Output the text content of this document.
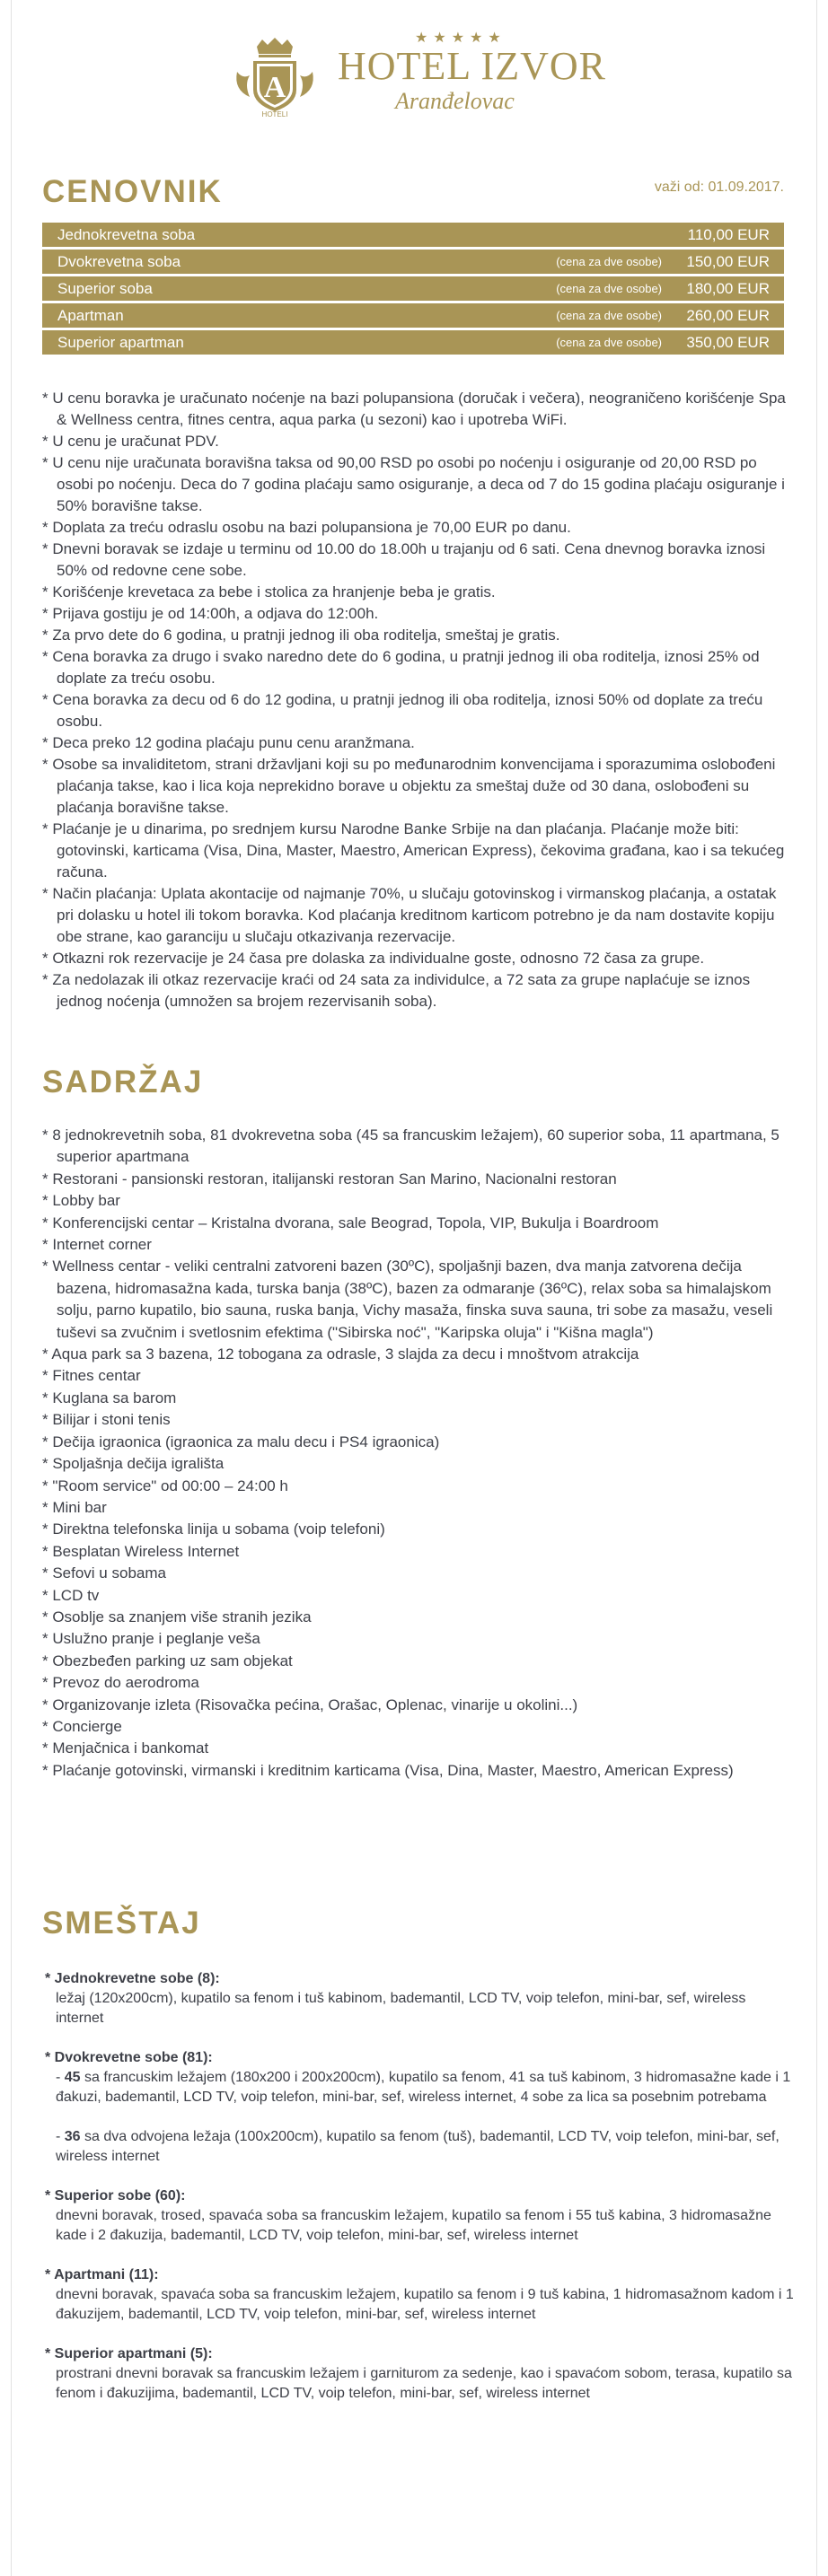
A
HOTELI
★★★★★
HOTEL IZVOR
Aranđelovac
CENOVNIK	važi od: 01.09.2017.
Jednokrevetna soba	110,00 EUR
Dvokrevetna soba	(cena za dve osobe) 150,00 EUR
Superior soba	(cena za dve osobe) 180,00 EUR
Apartman	(cena za dve osobe) 260,00 EUR
Superior apartman	(cena za dve osobe) 350,00 EUR

* U cenu boravka je uračunato noćenje na bazi polupansiona (doručak i večera), neograničeno korišćenje Spa & Wellness centra, fitnes centra, aqua parka (u sezoni) kao i upotreba WiFi.

* U cenu je uračunat PDV.

* U cenu nije uračunata boravišna taksa od 90,00 RSD po osobi po noćenju i osiguranje od 20,00 RSD po osobi po noćenju. Deca do 7 godina plaćaju samo osiguranje, a deca od 7 do 15 godina plaćaju osiguranje i 50% boravišne takse.

* Doplata za treću odraslu osobu na bazi polupansiona je 70,00 EUR po danu.

* Dnevni boravak se izdaje u terminu od 10.00 do 18.00h u trajanju od 6 sati. Cena dnevnog boravka iznosi 50% od redovne cene sobe.

* Korišćenje krevetaca za bebe i stolica za hranjenje beba je gratis.

* Prijava gostiju je od 14:00h, a odjava do 12:00h.

* Za prvo dete do 6 godina, u pratnji jednog ili oba roditelja, smeštaj je gratis.

* Cena boravka za drugo i svako naredno dete do 6 godina, u pratnji jednog ili oba roditelja, iznosi 25% od doplate za treću osobu.

* Cena boravka za decu od 6 do 12 godina, u pratnji jednog ili oba roditelja, iznosi 50% od doplate za treću osobu.

* Deca preko 12 godina plaćaju punu cenu aranžmana.

* Osobe sa invaliditetom, strani državljani koji su po međunarodnim konvencijama i sporazumima oslobođeni plaćanja takse, kao i lica koja neprekidno borave u objektu za smeštaj duže od 30 dana, oslobođeni su plaćanja boravišne takse.

* Plaćanje je u dinarima, po srednjem kursu Narodne Banke Srbije na dan plaćanja. Plaćanje može biti: gotovinski, karticama (Visa, Dina, Master, Maestro, American Express), čekovima građana, kao i sa tekućeg računa.

* Način plaćanja: Uplata akontacije od najmanje 70%, u slučaju gotovinskog i virmanskog plaćanja, a ostatak pri dolasku u hotel ili tokom boravka. Kod plaćanja kreditnom karticom potrebno je da nam dostavite kopiju obe strane, kao garanciju u slučaju otkazivanja rezervacije.

* Otkazni rok rezervacije je 24 časa pre dolaska za individualne goste, odnosno 72 časa za grupe.

* Za nedolazak ili otkaz rezervacije kraći od 24 sata za individulce, a 72 sata za grupe naplaćuje se iznos jednog noćenja (umnožen sa brojem rezervisanih soba).

SADRŽAJ

* 8 jednokrevetnih soba, 81 dvokrevetna soba (45 sa francuskim ležajem), 60 superior soba, 11 apartmana, 5 superior apartmana

* Restorani - pansionski restoran, italijanski restoran San Marino, Nacionalni restoran

* Lobby bar

* Konferencijski centar – Kristalna dvorana, sale Beograd, Topola, VIP, Bukulja i Boardroom

* Internet corner

* Wellness centar - veliki centralni zatvoreni bazen (30ºC), spoljašnji bazen, dva manja zatvorena dečija bazena, hidromasažna kada, turska banja (38ºC), bazen za odmaranje (36ºC), relax soba sa himalajskom solju, parno kupatilo, bio sauna, ruska banja, Vichy masaža, finska suva sauna, tri sobe za masažu, veseli tuševi sa zvučnim i svetlosnim efektima ("Sibirska noć", "Karipska oluja" i "Kišna magla")

* Aqua park sa 3 bazena, 12 tobogana za odrasle, 3 slajda za decu i mnoštvom atrakcija

* Fitnes centar

* Kuglana sa barom

* Bilijar i stoni tenis

* Dečija igraonica (igraonica za malu decu i PS4 igraonica)

* Spoljašnja dečija igrališta

* "Room service" od 00:00 – 24:00 h

* Mini bar

* Direktna telefonska linija u sobama (voip telefoni)

* Besplatan Wireless Internet

* Sefovi u sobama

* LCD tv

* Osoblje sa znanjem više stranih jezika

* Uslužno pranje i peglanje veša

* Obezbeđen parking uz sam objekat

* Prevoz do aerodroma

* Organizovanje izleta (Risovačka pećina, Orašac, Oplenac, vinarije u okolini...)

* Concierge

* Menjačnica i bankomat

* Plaćanje gotovinski, virmanski i kreditnim karticama (Visa, Dina, Master, Maestro, American Express)

SMEŠTAJ
* Jednokrevetne sobe (8):
ležaj (120x200cm), kupatilo sa fenom i tuš kabinom, bademantil, LCD TV, voip telefon, mini-bar, sef, wireless internet
* Dvokrevetne sobe (81):
- 45 sa francuskim ležajem (180x200 i 200x200cm), kupatilo sa fenom, 41 sa tuš kabinom, 3 hidromasažne kade i 1 đakuzi, bademantil, LCD TV, voip telefon, mini-bar, sef, wireless internet, 4 sobe za lica sa posebnim potrebama
- 36 sa dva odvojena ležaja (100x200cm), kupatilo sa fenom (tuš), bademantil, LCD TV, voip telefon, mini-bar, sef, wireless internet
* Superior sobe (60):
dnevni boravak, trosed, spavaća soba sa francuskim ležajem, kupatilo sa fenom i 55 tuš kabina, 3 hidromasažne kade i 2 đakuzija, bademantil, LCD TV, voip telefon, mini-bar, sef, wireless internet
* Apartmani (11):
dnevni boravak, spavaća soba sa francuskim ležajem, kupatilo sa fenom i 9 tuš kabina, 1 hidromasažnom kadom i 1 đakuzijem, bademantil, LCD TV, voip telefon, mini-bar, sef, wireless internet
* Superior apartmani (5):
prostrani dnevni boravak sa francuskim ležajem i garniturom za sedenje, kao i spavaćom sobom, terasa, kupatilo sa fenom i đakuzijima, bademantil, LCD TV, voip telefon, mini-bar, sef, wireless internet
